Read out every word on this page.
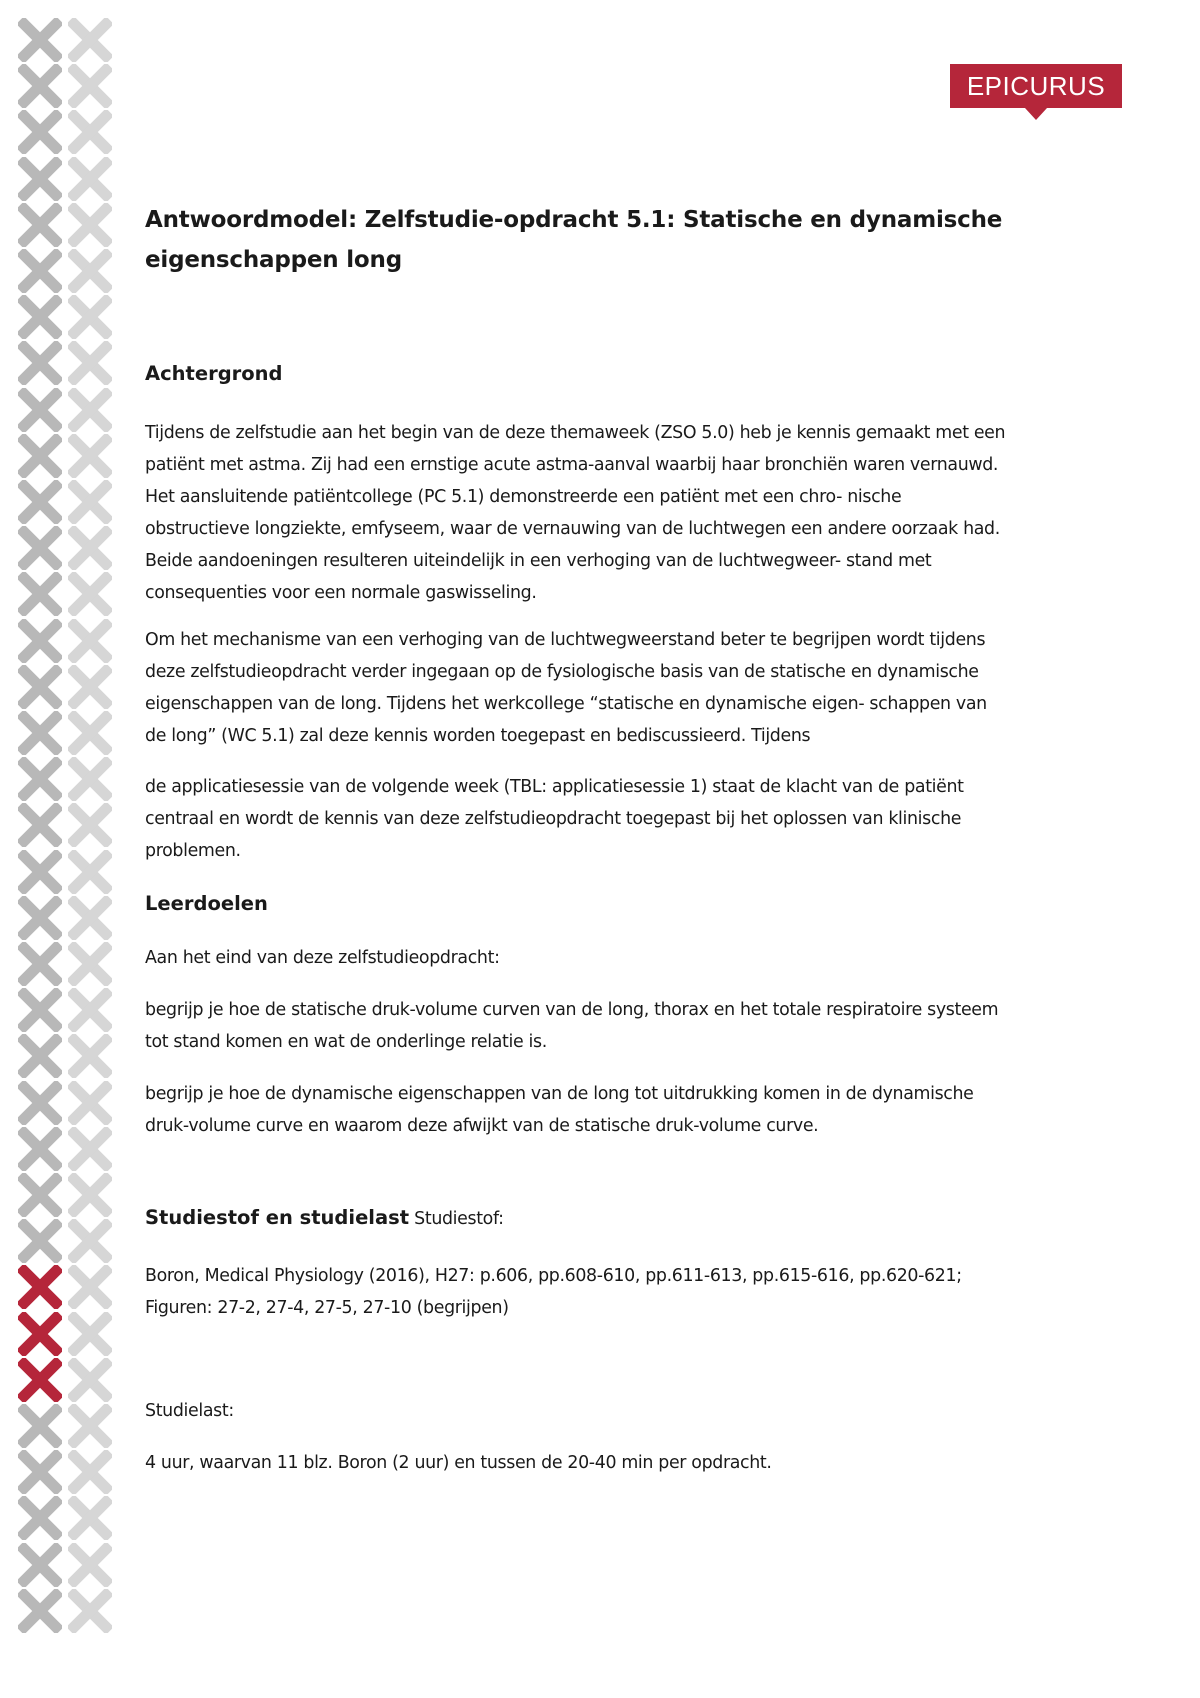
EPICURUS
Antwoordmodel: Zelfstudie-opdracht 5.1: Statische en dynamische
eigenschappen long
Achtergrond

Tijdens de zelfstudie aan het begin van de deze themaweek (ZSO 5.0) heb je kennis gemaakt met een
patiënt met astma. Zij had een ernstige acute astma-aanval waarbij haar bronchiën waren vernauwd.
Het aansluitende patiëntcollege (PC 5.1) demonstreerde een patiënt met een chro- nische
obstructieve longziekte, emfyseem, waar de vernauwing van de luchtwegen een andere oorzaak had.
Beide aandoeningen resulteren uiteindelijk in een verhoging van de luchtwegweer- stand met
consequenties voor een normale gaswisseling.

Om het mechanisme van een verhoging van de luchtwegweerstand beter te begrijpen wordt tijdens
deze zelfstudieopdracht verder ingegaan op de fysiologische basis van de statische en dynamische
eigenschappen van de long. Tijdens het werkcollege “statische en dynamische eigen- schappen van
de long” (WC 5.1) zal deze kennis worden toegepast en bediscussieerd. Tijdens

de applicatiesessie van de volgende week (TBL: applicatiesessie 1) staat de klacht van de patiënt
centraal en wordt de kennis van deze zelfstudieopdracht toegepast bij het oplossen van klinische
problemen.

Leerdoelen

Aan het eind van deze zelfstudieopdracht:

begrijp je hoe de statische druk-volume curven van de long, thorax en het totale respiratoire systeem
tot stand komen en wat de onderlinge relatie is.

begrijp je hoe de dynamische eigenschappen van de long tot uitdrukking komen in de dynamische
druk-volume curve en waarom deze afwijkt van de statische druk-volume curve.

Studiestof en studielast Studiestof:

Boron, Medical Physiology (2016), H27: p.606, pp.608-610, pp.611-613, pp.615-616, pp.620-621;
Figuren: 27-2, 27-4, 27-5, 27-10 (begrijpen)

Studielast:

4 uur, waarvan 11 blz. Boron (2 uur) en tussen de 20-40 min per opdracht.
